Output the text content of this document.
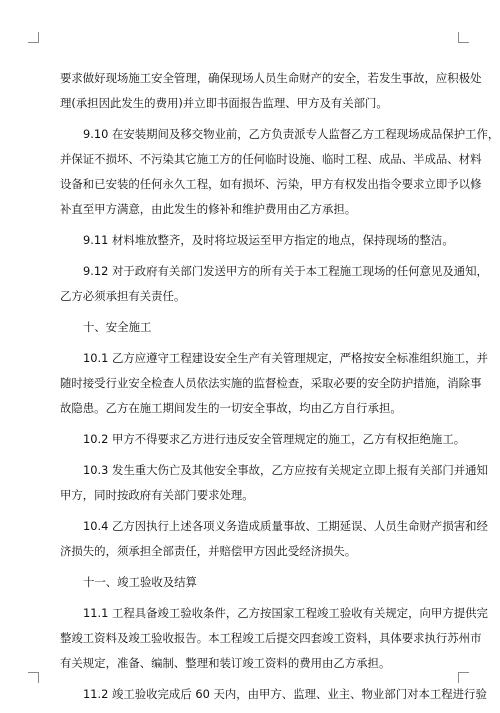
要求做好现场施工安全管理，确保现场人员生命财产的安全，若发生事故，应积极处
理(承担因此发生的费用)并立即书面报告监理、甲方及有关部门。
9.10 在安装期间及移交物业前，乙方负责派专人监督乙方工程现场成品保护工作，
并保证不损坏、不污染其它施工方的任何临时设施、临时工程、成品、半成品、材料
设备和已安装的任何永久工程，如有损坏、污染，甲方有权发出指令要求立即予以修
补直至甲方满意，由此发生的修补和维护费用由乙方承担。
9.11 材料堆放整齐，及时将垃圾运至甲方指定的地点，保持现场的整洁。
9.12 对于政府有关部门发送甲方的所有关于本工程施工现场的任何意见及通知，
乙方必须承担有关责任。
十、安全施工
10.1 乙方应遵守工程建设安全生产有关管理规定，严格按安全标准组织施工，并
随时接受行业安全检查人员依法实施的监督检查，采取必要的安全防护措施，消除事
故隐患。乙方在施工期间发生的一切安全事故，均由乙方自行承担。
10.2 甲方不得要求乙方进行违反安全管理规定的施工，乙方有权拒绝施工。
10.3 发生重大伤亡及其他安全事故，乙方应按有关规定立即上报有关部门并通知
甲方，同时按政府有关部门要求处理。
10.4 乙方因执行上述各项义务造成质量事故、工期延误、人员生命财产损害和经
济损失的，须承担全部责任，并赔偿甲方因此受经济损失。
十一、竣工验收及结算
11.1 工程具备竣工验收条件，乙方按国家工程竣工验收有关规定，向甲方提供完
整竣工资料及竣工验收报告。本工程竣工后提交四套竣工资料，具体要求执行苏州市
有关规定，准备、编制、整理和装订竣工资料的费用由乙方承担。
11.2 竣工验收完成后 60 天内，由甲方、监理、业主、物业部门对本工程进行验
